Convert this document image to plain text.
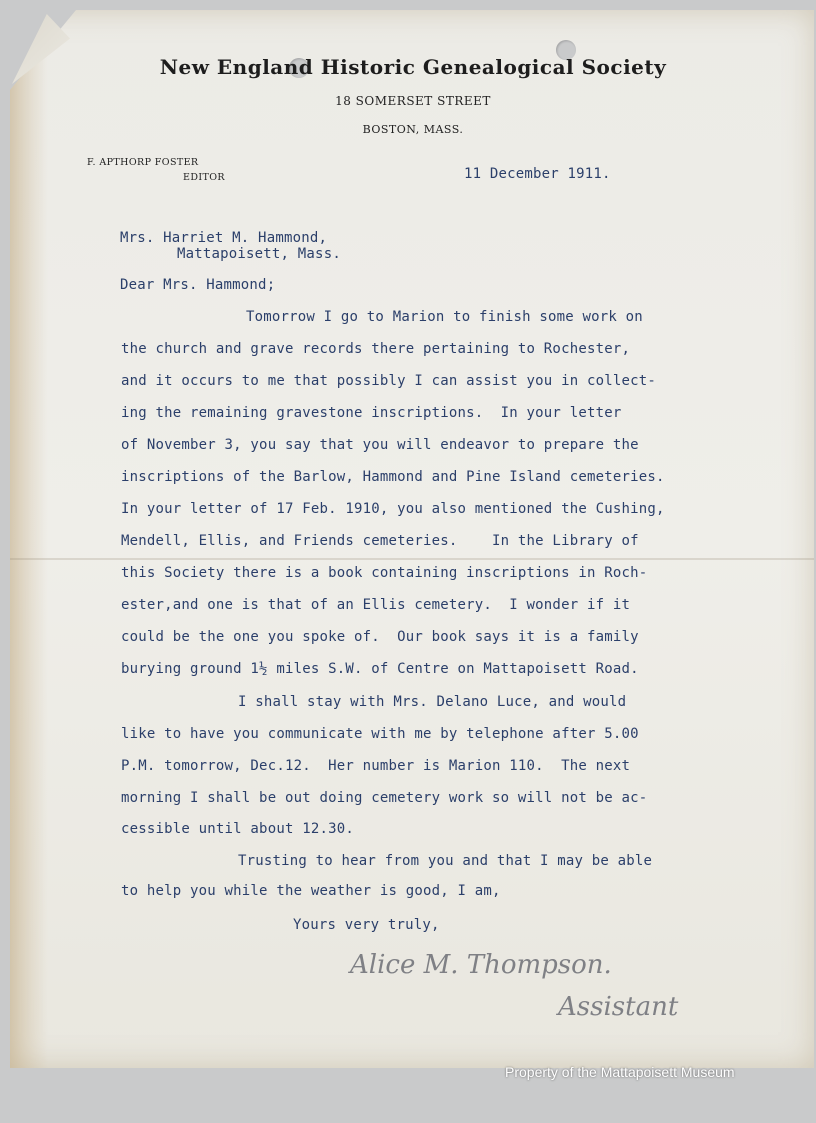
New England Historic Genealogical Society
18 SOMERSET STREET
BOSTON, MASS.
F. APTHORP FOSTER
EDITOR	11 December 1911.
Mrs. Harriet M. Hammond,
Mattapoisett, Mass.
Dear Mrs. Hammond;
Tomorrow I go to Marion to finish some work on
the church and grave records there pertaining to Rochester,
and it occurs to me that possibly I can assist you in collect-
ing the remaining gravestone inscriptions.  In your letter
of November 3, you say that you will endeavor to prepare the
inscriptions of the Barlow, Hammond and Pine Island cemeteries.
In your letter of 17 Feb. 1910, you also mentioned the Cushing,
Mendell, Ellis, and Friends cemeteries.    In the Library of
this Society there is a book containing inscriptions in Roch-
ester,and one is that of an Ellis cemetery.  I wonder if it
could be the one you spoke of.  Our book says it is a family
burying ground 1½ miles S.W. of Centre on Mattapoisett Road.
I shall stay with Mrs. Delano Luce, and would
like to have you communicate with me by telephone after 5.00
P.M. tomorrow, Dec.12.  Her number is Marion 110.  The next
morning I shall be out doing cemetery work so will not be ac-
cessible until about 12.30.
Trusting to hear from you and that I may be able
to help you while the weather is good, I am,
Yours very truly,
Alice M. Thompson.
Assistant
Property of the Mattapoisett Museum
